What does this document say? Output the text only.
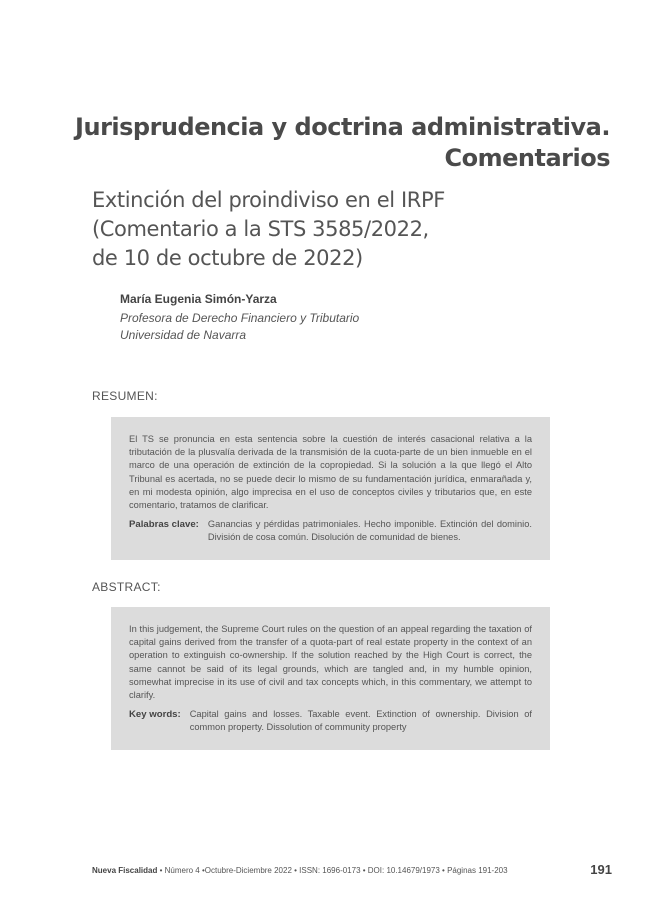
Jurisprudencia y doctrina administrativa.
Comentarios
Extinción del proindiviso en el IRPF
(Comentario a la STS 3585/2022,
de 10 de octubre de 2022)
María Eugenia Simón-Yarza
Profesora de Derecho Financiero y Tributario
Universidad de Navarra
RESUMEN:

El TS se pronuncia en esta sentencia sobre la cuestión de interés casacional relativa a la tributación de la plusvalía derivada de la transmisión de la cuota-parte de un bien inmueble en el marco de una operación de extinción de la copropiedad. Si la solución a la que llegó el Alto Tribunal es acertada, no se puede decir lo mismo de su fundamentación jurídica, enmarañada y, en mi modesta opinión, algo imprecisa en el uso de conceptos civiles y tributarios que, en este comentario, tratamos de clarificar.

Palabras clave: Ganancias y pérdidas patrimoniales. Hecho imponible. Extinción del dominio. División de cosa común. Disolución de comunidad de bienes.
ABSTRACT:

In this judgement, the Supreme Court rules on the question of an appeal regarding the taxation of capital gains derived from the transfer of a quota-part of real estate property in the context of an operation to extinguish co-ownership. If the solution reached by the High Court is correct, the same cannot be said of its legal grounds, which are tangled and, in my humble opinion, somewhat imprecise in its use of civil and tax concepts which, in this commentary, we attempt to clarify.

Key words: Capital gains and losses. Taxable event. Extinction of ownership. Division of common property. Dissolution of community property
Nueva Fiscalidad • Número 4 •Octubre-Diciembre 2022 • ISSN: 1696-0173 • DOI: 10.14679/1973 • Páginas 191-203	191
